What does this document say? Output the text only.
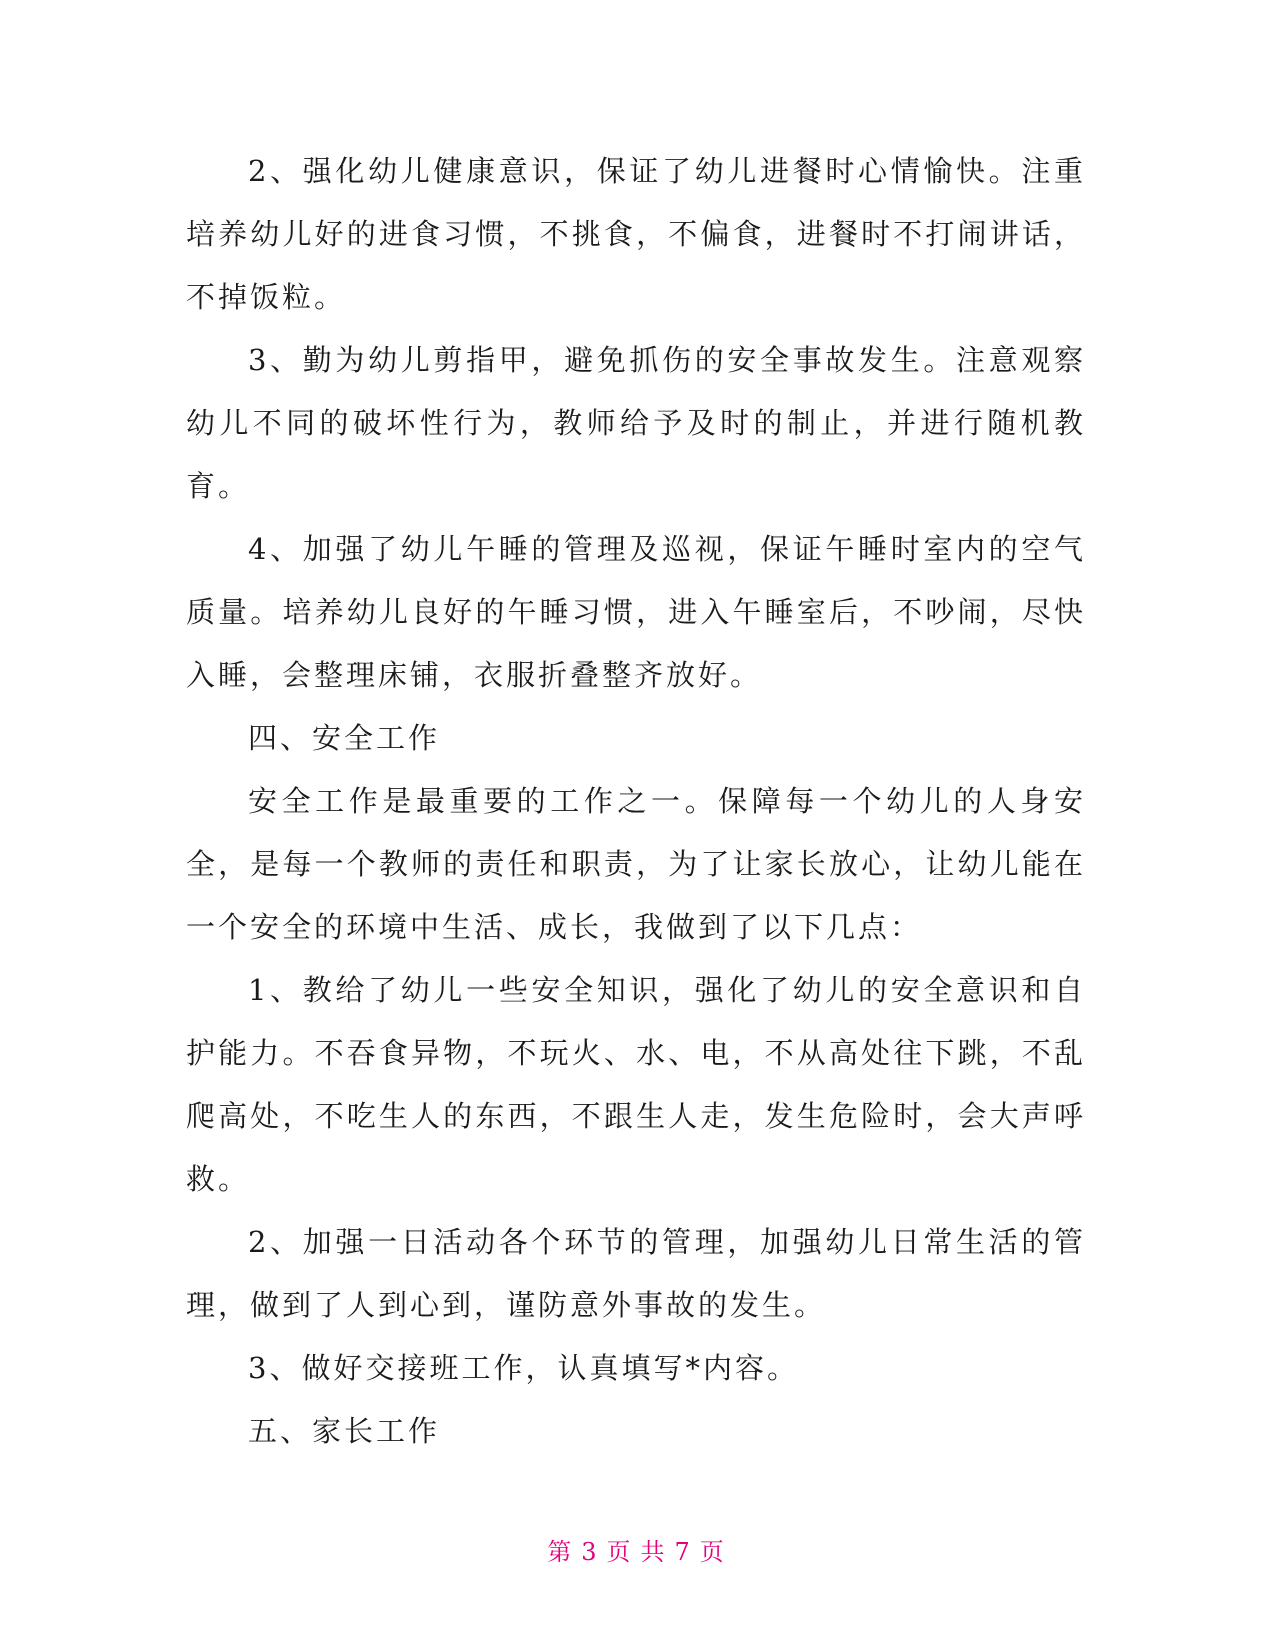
2、强化幼儿健康意识，保证了幼儿进餐时心情愉快。注重培养幼儿好的进食习惯，不挑食，不偏食，进餐时不打闹讲话，不掉饭粒。

3、勤为幼儿剪指甲，避免抓伤的安全事故发生。注意观察幼儿不同的破坏性行为，教师给予及时的制止，并进行随机教育。

4、加强了幼儿午睡的管理及巡视，保证午睡时室内的空气质量。培养幼儿良好的午睡习惯，进入午睡室后，不吵闹，尽快入睡，会整理床铺，衣服折叠整齐放好。

四、安全工作

安全工作是最重要的工作之一。保障每一个幼儿的人身安全，是每一个教师的责任和职责，为了让家长放心，让幼儿能在一个安全的环境中生活、成长，我做到了以下几点：

1、教给了幼儿一些安全知识，强化了幼儿的安全意识和自护能力。不吞食异物，不玩火、水、电，不从高处往下跳，不乱爬高处，不吃生人的东西，不跟生人走，发生危险时，会大声呼救。

2、加强一日活动各个环节的管理，加强幼儿日常生活的管理，做到了人到心到，谨防意外事故的发生。

3、做好交接班工作，认真填写*内容。

五、家长工作

第 3 页 共 7 页
